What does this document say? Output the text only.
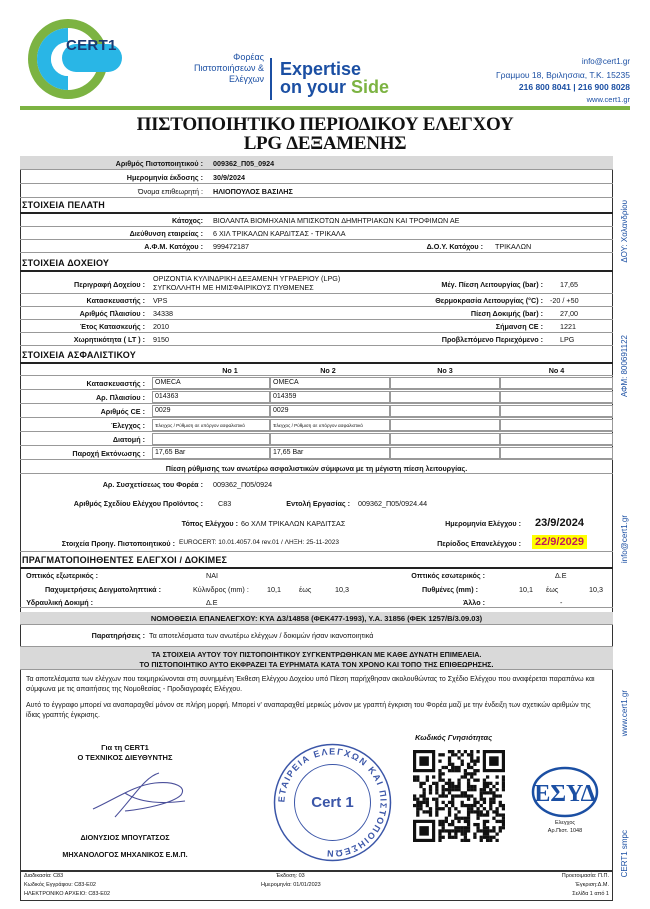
CERT1
Φορέας
Πιστοποιήσεων &
Ελέγχων Expertise
on your Side
info@cert1.gr
Γραμμου 18, Βριλησσια, Τ.Κ. 15235
216 800 8041 | 216 900 8028
www.cert1.gr
ΔΟΥ: Χαλανδρίου
ΑΦΜ: 800691122
info@cert1.gr
www.cert1.gr
CERT1 smpc
ΠΙΣΤΟΠΟΙΗΤΙΚΟ ΠΕΡΙΟΔΙΚΟΥ ΕΛΕΓΧΟΥ
LPG ΔΕΞΑΜΕΝΗΣ
Αριθμός Πιστοποιητικού : 009362_Π05_0924
Ημερομηνία έκδοσης : 30/9/2024
Όνομα επιθεωρητή : ΗΛΙΟΠΟΥΛΟΣ ΒΑΣΙΛΗΣ
ΣΤΟΙΧΕΙΑ ΠΕΛΑΤΗ
Κάτοχος: ΒΙΟΛΑΝΤΑ ΒΙΟΜΗΧΑΝΙΑ ΜΠΙΣΚΟΤΩΝ ΔΗΜΗΤΡΙΑΚΩΝ ΚΑΙ ΤΡΟΦΙΜΩΝ ΑΕ
Διεύθυνση εταιρείας : 6 ΧΙΛ ΤΡΙΚΑΛΩΝ ΚΑΡΔΙΤΣΑΣ - ΤΡΙΚΑΛΑ
Α.Φ.Μ. Κατόχου : 999472187	Δ.Ο.Υ. Κατόχου : ΤΡΙΚΑΛΩΝ
ΣΤΟΙΧΕΙΑ ΔΟΧΕΙΟΥ
Περιγραφή Δοχείου :
ΟΡΙΖΟΝΤΙΑ ΚΥΛΙΝΔΡΙΚΗ ΔΕΞΑΜΕΝΗ ΥΓΡΑΕΡΙΟΥ (LPG)
ΣΥΓΚΟΛΛΗΤΗ ΜΕ ΗΜΙΣΦΑΙΡΙΚΟΥΣ ΠΥΘΜΕΝΕΣ	Μέγ. Πίεση Λειτουργίας (bar) : 17,65
Κατασκευαστής : VPS	Θερμοκρασία Λειτουργίας (°C) : -20 / +50
Αριθμός Πλαισίου : 34338	Πίεση Δοκιμής (bar) : 27,00
Έτος Κατασκευής : 2010	Σήμανση CE : 1221
Χωρητικότητα ( LT ) : 9150	Προβλεπόμενο Περιεχόμενο : LPG
ΣΤΟΙΧΕΙΑ ΑΣΦΑΛΙΣΤΙΚΟΥ
Νο 1	Νο 2	Νο 3	Νο 4
Κατασκευαστής :	OMECA	OMECA
Αρ. Πλαισίου :	014363	014359
Αριθμός CE :	0029	0029
Έλεγχος :	Έλεγχος / Ρύθμιση σε υπόργον ασφαλιστικό	Έλεγχος / Ρύθμιση σε υπόργον ασφαλιστικό
Διατομή :
Παροχή Εκτόνωσης :	17,65 Bar	17,65 Bar
Πίεση ρύθμισης των ανωτέρω ασφαλιστικών σύμφωνα με τη μέγιστη πίεση λειτουργίας.
Αρ. Συσχετίσεως του Φορέα : 009362_Π05/0924
Αριθμός Σχεδίου Ελέγχου Προϊόντος : C83	Εντολή Εργασίας : 009362_Π05/0924.44
Τόπος Ελέγχου : 6ο ΧΛΜ ΤΡΙΚΑΛΩΝ ΚΑΡΔΙΤΣΑΣ	Ημερομηνία Ελέγχου : 23/9/2024
Στοιχεία Προηγ. Πιστοποιητικού : EUROCERT: 10.01.4057.04 rev.01 / ΛΗΞΗ: 25-11-2023	Περίοδος Επανελέγχου : 22/9/2029
ΠΡΑΓΜΑΤΟΠΟΙΗΘΕΝΤΕΣ ΕΛΕΓΧΟΙ / ΔΟΚΙΜΕΣ
Οπτικός εξωτερικός :	ΝΑΙ	Οπτικός εσωτερικός :	Δ.Ε
Παχυμετρήσεις Δειγματοληπτικά :	Κύλινδρος (mm) :	10,1	έως	10,3	Πυθμένες (mm) :	10,1 έως	10,3
Υδραυλική Δοκιμή :	Δ.Ε	Άλλο :	-
ΝΟΜΟΘΕΣΙΑ ΕΠΑΝΕΛΕΓΧΟΥ: ΚΥΑ Δ3/14858 (ΦΕΚ477-1993), Υ.Α. 31856 (ΦΕΚ 1257/Β/3.09.03)
Παρατηρήσεις : Τα αποτελέσματα των ανωτέρω ελέγχων / δοκιμών ήσαν ικανοποιητικά
ΤΑ ΣΤΟΙΧΕΙΑ ΑΥΤΟΥ ΤΟΥ ΠΙΣΤΟΠΟΙΗΤΙΚΟΥ ΣΥΓΚΕΝΤΡΩΘΗΚΑΝ ΜΕ ΚΑΘΕ ΔΥΝΑΤΗ ΕΠΙΜΕΛΕΙΑ.
ΤΟ ΠΙΣΤΟΠΟΙΗΤΙΚΟ ΑΥΤΟ ΕΚΦΡΑΖΕΙ ΤΑ ΕΥΡΗΜΑΤΑ ΚΑΤΑ ΤΟΝ ΧΡΟΝΟ ΚΑΙ ΤΟΠΟ ΤΗΣ ΕΠΙΘΕΩΡΗΣΗΣ.
Τα αποτελέσματα των ελέγχων που τεκμηριώνονται στη συνημμένη Έκθεση Ελέγχου Δοχείου υπό Πίεση παρήχθησαν ακολουθώντας το Σχέδιο Ελέγχου που αναφέρεται παραπάνω και σύμφωνα με τις απαιτήσεις της Νομοθεσίας - Προδιαγραφές Ελέγχου.
Αυτό το έγγραφο μπορεί να αναπαραχθεί μόνον σε πλήρη μορφή. Μπορεί ν' αναπαραχθεί μερικώς μόνον με γραπτή έγκριση του Φορέα μαζί με την ένδειξη των σχετικών αριθμών της ίδιας γραπτής έγκρισης.
Για τη CERT1
Ο ΤΕΧΝΙΚΟΣ ΔΙΕΥΘΥΝΤΗΣ
ΔΙΟΝΥΣΙΟΣ ΜΠΟΥΓΑΤΣΟΣ
ΜΗΧΑΝΟΛΟΓΟΣ ΜΗΧΑΝΙΚΟΣ Ε.Μ.Π.
ΕΤΑΙΡΕΙΑ ΕΛΕΓΧΩΝ ΚΑΙ ΠΙΣΤΟΠΟΙΗΣΕΩΝ
Cert 1
Κωδικός Γνησιότητας
ΕΣΥΔ
Ελεγχος
Αρ.Πιστ. 1048
Διαδικασία: C83
Κωδικός Εγγράφου: C83-E02
ΗΛΕΚΤΡΟΝΙΚΟ ΑΡΧΕΙΟ: C83-E02
Έκδοση: 03
Ημερομηνία: 01/01/2023
Προετοιμασία: Π.Π.
Έγκριση:Δ.Μ.
Σελίδα 1 από 1
